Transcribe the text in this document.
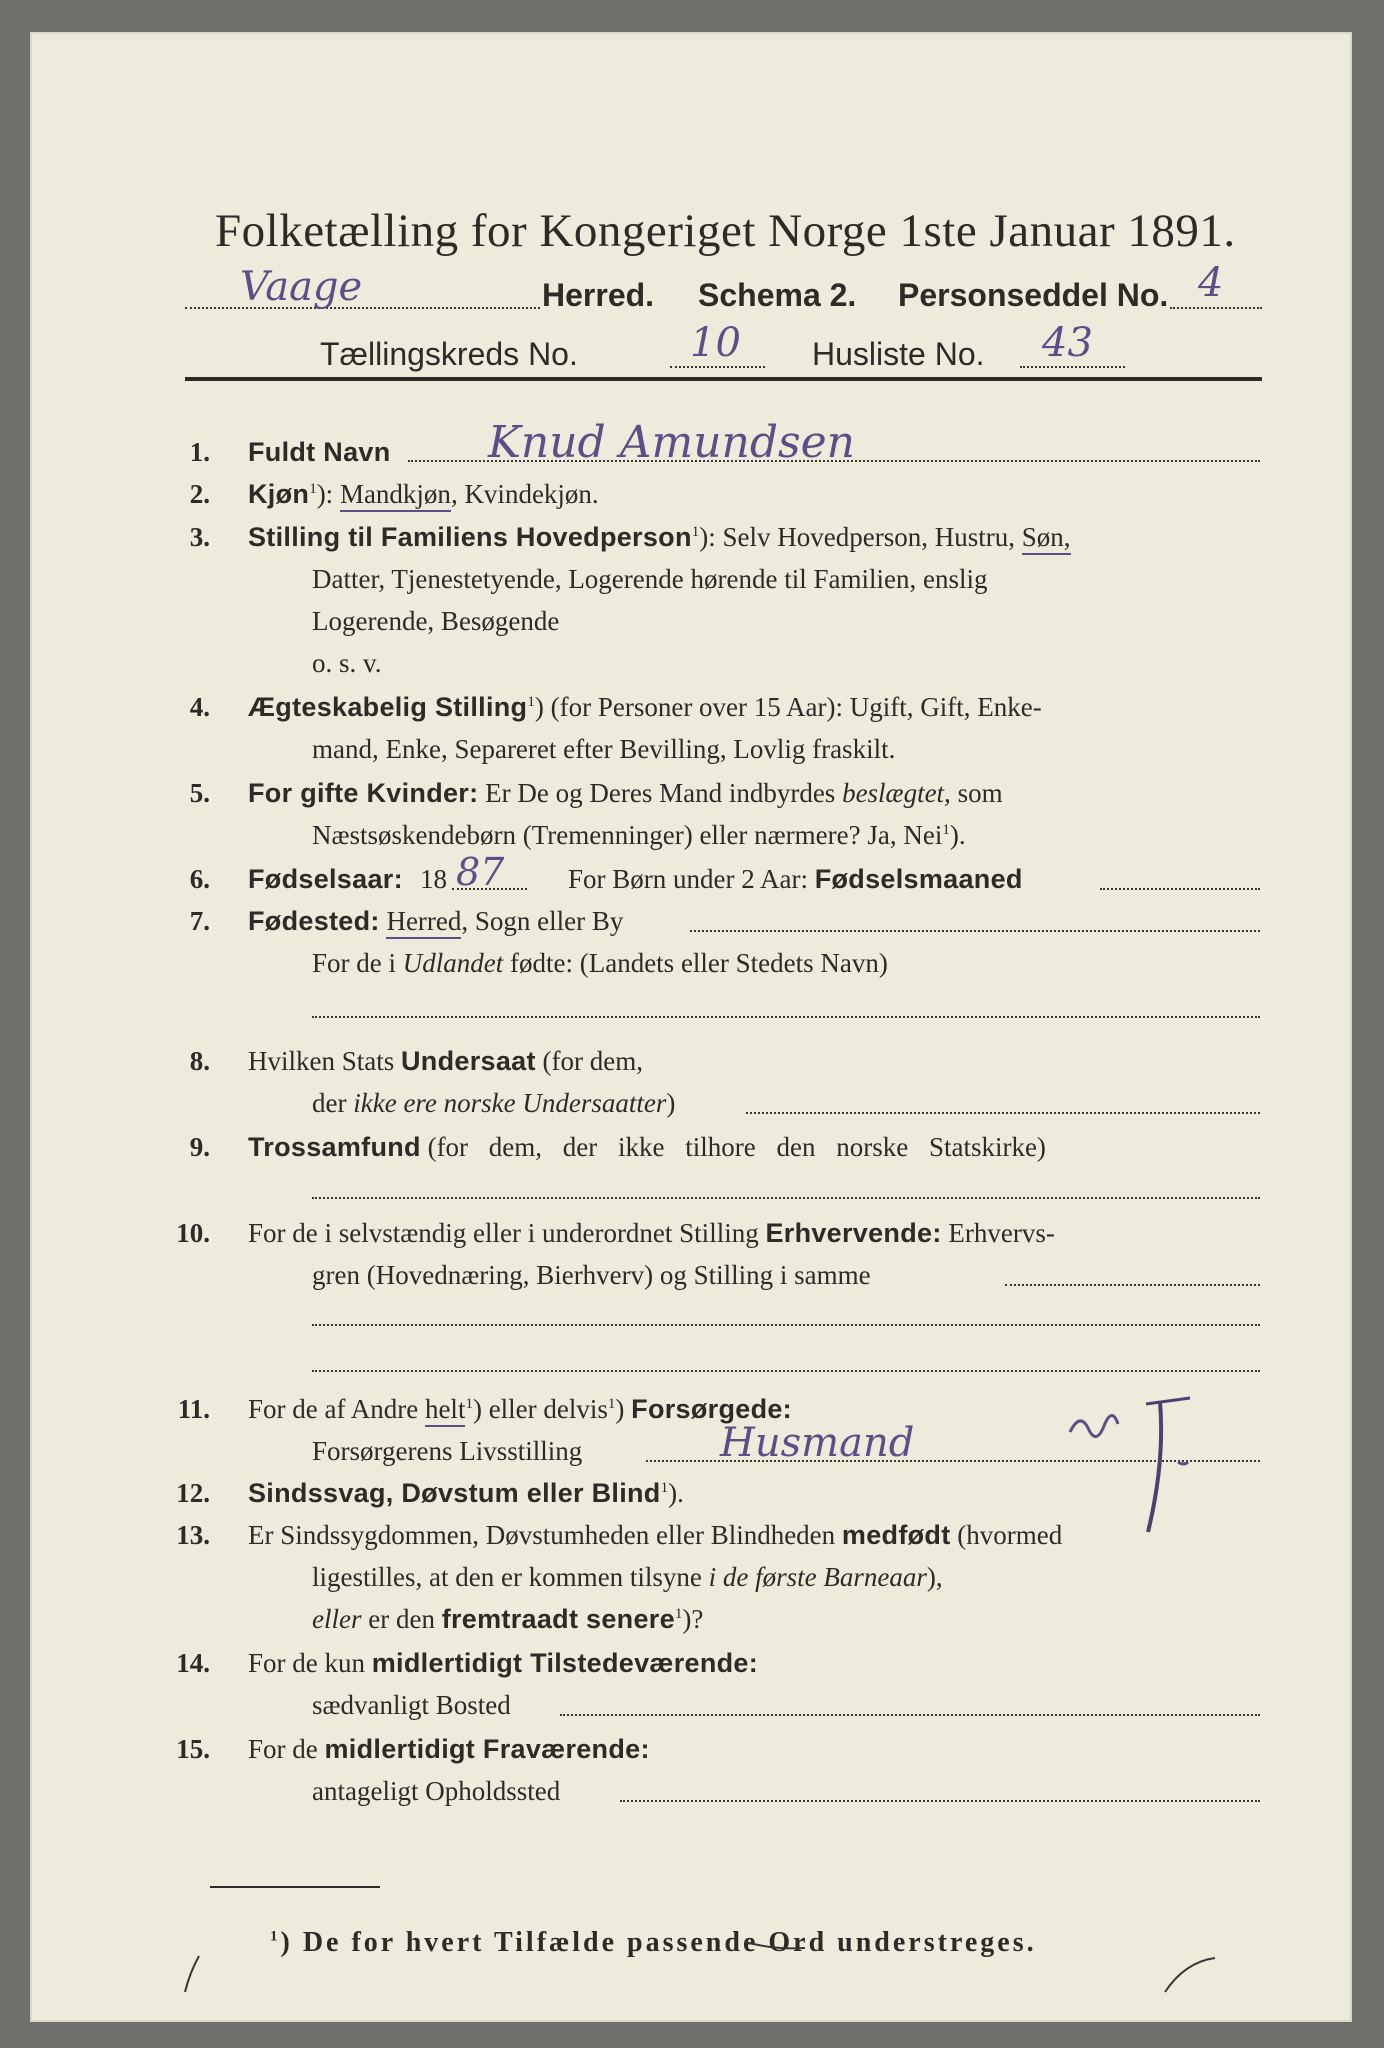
Folketælling for Kongeriget Norge 1ste Januar 1891.
Vaage	Herred. Schema 2. Personseddel No. 4
Tællingskreds No.	10 Husliste No. 43
1. Fuldt Navn Knud Amundsen
2. Kjøn$^1$): Mandkjøn, Kvindekjøn.
3. Stilling til Familiens Hovedperson$^1$): Selv Hovedperson, Hustru, Søn,
Datter, Tjenestetyende, Logerende hørende til Familien, enslig
Logerende, Besøgende
o. s. v.
4. Ægteskabelig Stilling$^1$) (for Personer over 15 Aar): Ugift, Gift, Enke-
mand, Enke, Separeret efter Bevilling, Lovlig fraskilt.
5. For gifte Kvinder: Er De og Deres Mand indbyrdes beslægtet, som
Næstsøskendebørn (Tremenninger) eller nærmere? Ja, Nei$^1$).
6. Fødselsaar: 18 87 For Børn under 2 Aar: Fødselsmaaned
7. Fødested: Herred, Sogn eller By
For de i Udlandet fødte: (Landets eller Stedets Navn)
8. Hvilken Stats Undersaat (for dem,
der ikke ere norske Undersaatter)
9. Trossamfund (for dem, der ikke tilhore den norske Statskirke)
10. For de i selvstændig eller i underordnet Stilling Erhvervende: Erhvervs-
gren (Hovednæring, Bierhverv) og Stilling i samme
11. For de af Andre helt$^1$) eller delvis$^1$) Forsørgede:
Forsørgerens Livsstilling	Husmand
12. Sindssvag, Døvstum eller Blind$^1$).
13. Er Sindssygdommen, Døvstumheden eller Blindheden medfødt (hvormed
ligestilles, at den er kommen tilsyne i de første Barneaar),
eller er den fremtraadt senere$^1$)?
14. For de kun midlertidigt Tilstedeværende:
sædvanligt Bosted
15. For de midlertidigt Fraværende:
antageligt Opholdssted
$^1$) De for hvert Tilfælde passende Ord understreges.
